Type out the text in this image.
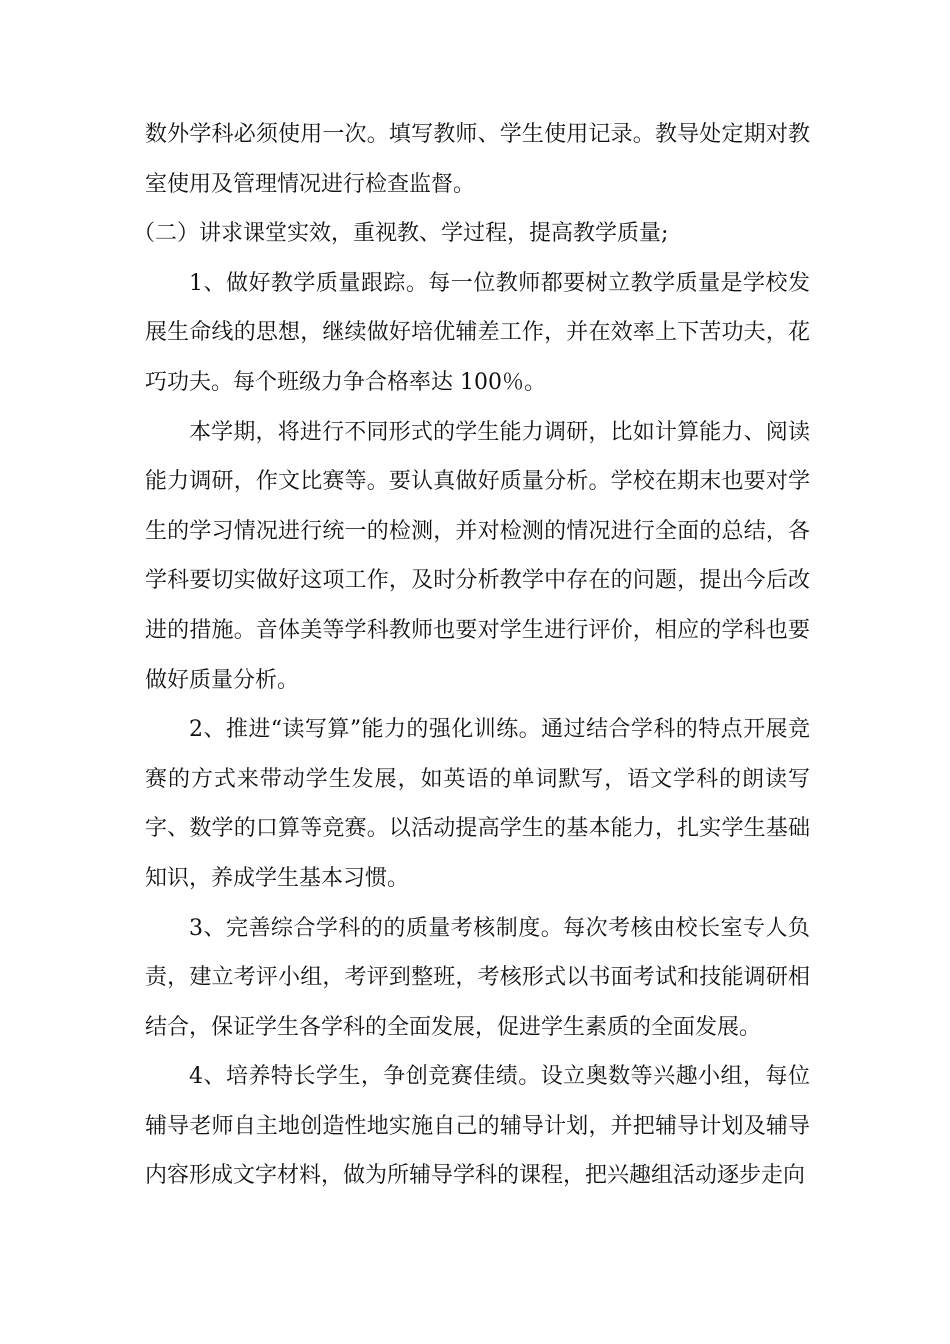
数外学科必须使用一次。填写教师、学生使用记录。教导处定期对教室使用及管理情况进行检查监督。

（二）讲求课堂实效，重视教、学过程，提高教学质量;

1、做好教学质量跟踪。每一位教师都要树立教学质量是学校发展生命线的思想，继续做好培优辅差工作，并在效率上下苦功夫，花巧功夫。每个班级力争合格率达 100％。

本学期，将进行不同形式的学生能力调研，比如计算能力、阅读能力调研，作文比赛等。要认真做好质量分析。学校在期末也要对学生的学习情况进行统一的检测，并对检测的情况进行全面的总结，各学科要切实做好这项工作，及时分析教学中存在的问题，提出今后改进的措施。音体美等学科教师也要对学生进行评价，相应的学科也要做好质量分析。

2、推进“读写算”能力的强化训练。通过结合学科的特点开展竞赛的方式来带动学生发展，如英语的单词默写，语文学科的朗读写字、数学的口算等竞赛。以活动提高学生的基本能力，扎实学生基础知识，养成学生基本习惯。

3、完善综合学科的的质量考核制度。每次考核由校长室专人负责，建立考评小组，考评到整班，考核形式以书面考试和技能调研相结合，保证学生各学科的全面发展，促进学生素质的全面发展。

4、培养特长学生，争创竞赛佳绩。设立奥数等兴趣小组，每位辅导老师自主地创造性地实施自己的辅导计划，并把辅导计划及辅导内容形成文字材料，做为所辅导学科的课程，把兴趣组活动逐步走向
